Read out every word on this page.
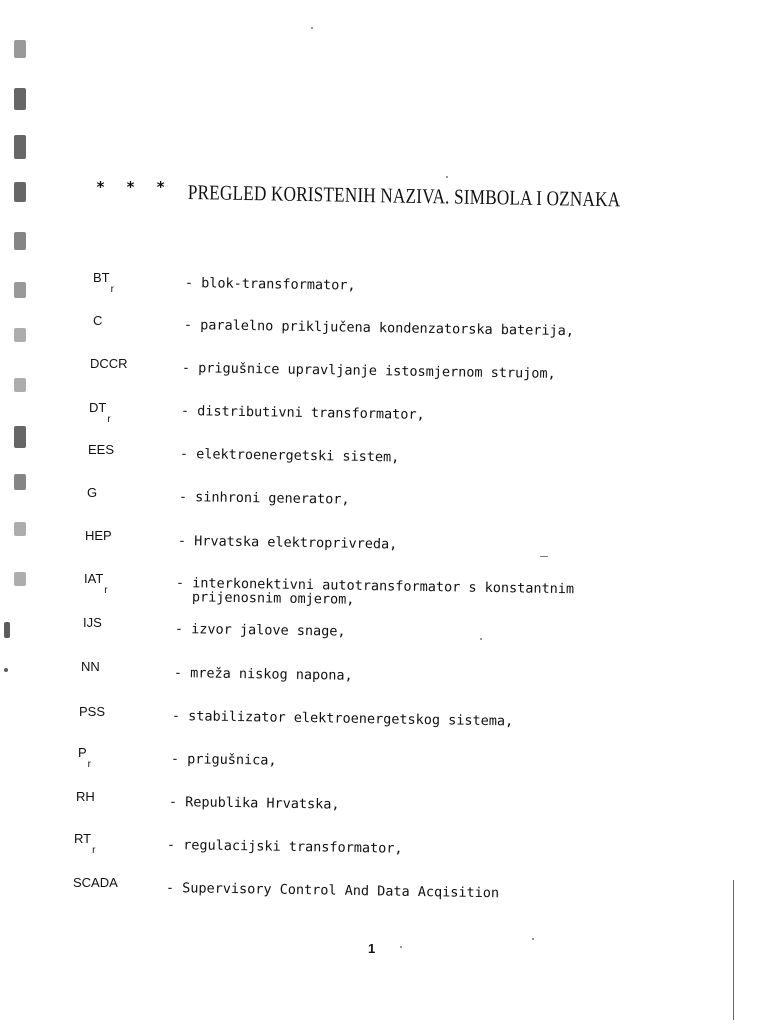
* * * PREGLED KORISTENIH NAZIVA. SIMBOLA I OZNAKA
$BT_r$	- blok-transformator,
C	- paralelno priključena kondenzatorska baterija,
DCCR	- prigušnice upravljanje istosmjernom strujom,
$DT_r$	- distributivni transformator,
EES	- elektroenergetski sistem,
G	- sinhroni generator,
HEP	- Hrvatska elektroprivreda,
$IAT_r$	- interkonektivni autotransformator s konstantnim
prijenosnim omjerom,
IJS	- izvor jalove snage,
NN	- mreža niskog napona,
PSS	- stabilizator elektroenergetskog sistema,
$P_r$	- prigušnica,
RH	- Republika Hrvatska,
$RT_r$	- regulacijski transformator,
SCADA	- Supervisory Control And Data Acqisition
1
